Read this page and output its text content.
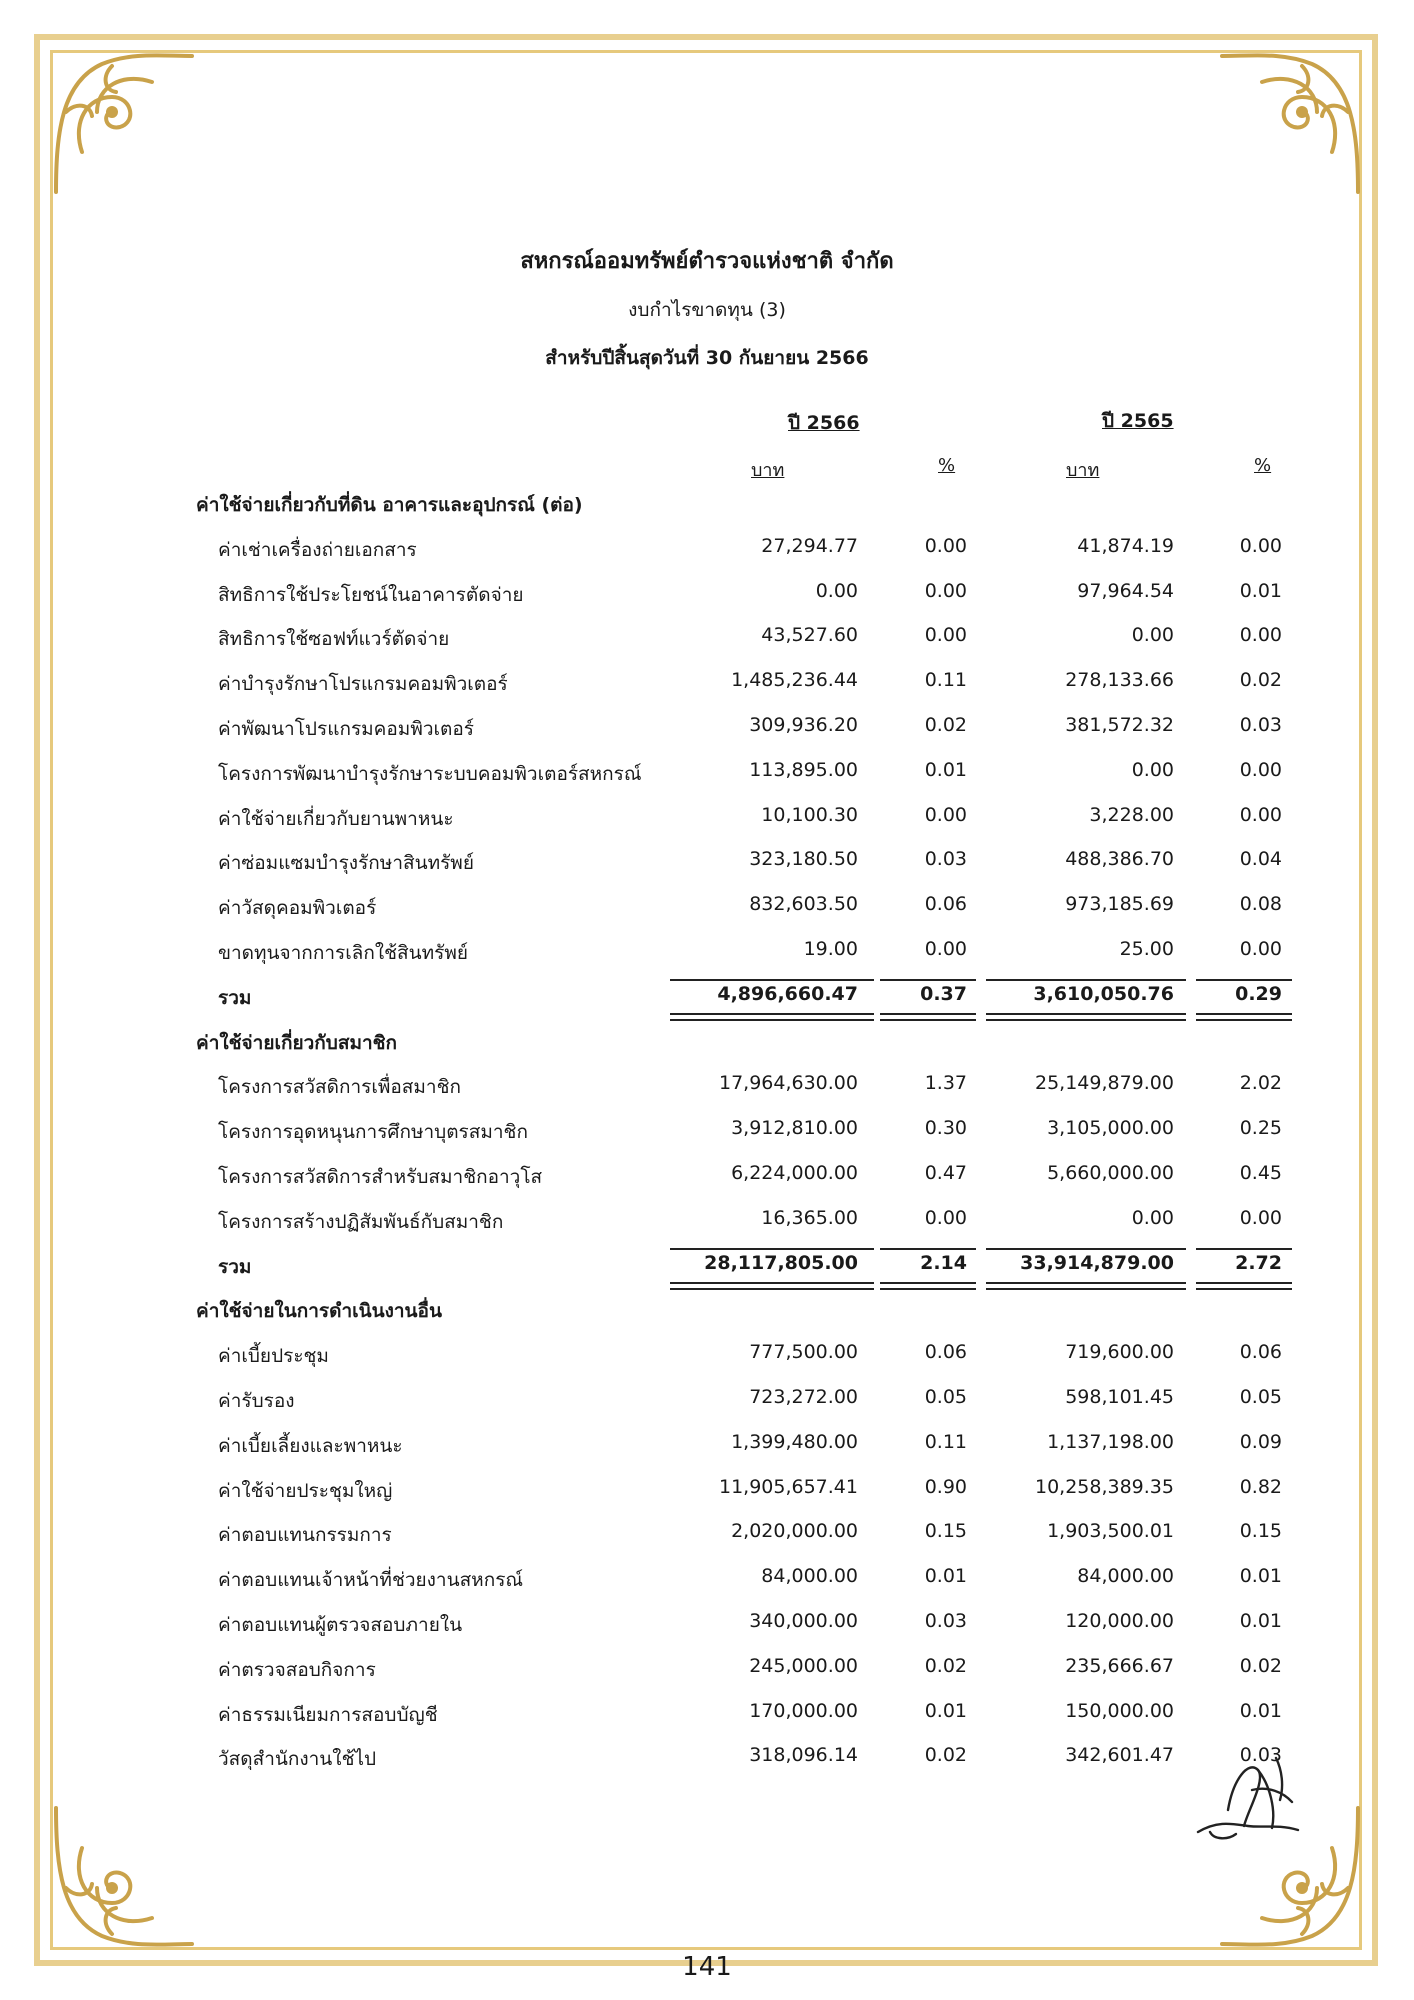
สหกรณ์ออมทรัพย์ตำรวจแห่งชาติ จำกัด
งบกำไรขาดทุน (3)
สำหรับปีสิ้นสุดวันที่ 30 กันยายน 2566
ปี 2566	ปี 2565
บาท	%	บาท	%
ค่าใช้จ่ายเกี่ยวกับที่ดิน อาคารและอุปกรณ์ (ต่อ)
ค่าเช่าเครื่องถ่ายเอกสาร	27,294.77	0.00	41,874.19	0.00
สิทธิการใช้ประโยชน์ในอาคารตัดจ่าย	0.00	0.00	97,964.54	0.01
สิทธิการใช้ซอฟท์แวร์ตัดจ่าย	43,527.60	0.00	0.00	0.00
ค่าบำรุงรักษาโปรแกรมคอมพิวเตอร์	1,485,236.44	0.11	278,133.66	0.02
ค่าพัฒนาโปรแกรมคอมพิวเตอร์	309,936.20	0.02	381,572.32	0.03
โครงการพัฒนาบำรุงรักษาระบบคอมพิวเตอร์สหกรณ์	113,895.00	0.01	0.00	0.00
ค่าใช้จ่ายเกี่ยวกับยานพาหนะ	10,100.30	0.00	3,228.00	0.00
ค่าซ่อมแซมบำรุงรักษาสินทรัพย์	323,180.50	0.03	488,386.70	0.04
ค่าวัสดุคอมพิวเตอร์	832,603.50	0.06	973,185.69	0.08
ขาดทุนจากการเลิกใช้สินทรัพย์	19.00	0.00	25.00	0.00
รวม	4,896,660.47	0.37	3,610,050.76	0.29
ค่าใช้จ่ายเกี่ยวกับสมาชิก
โครงการสวัสดิการเพื่อสมาชิก	17,964,630.00	1.37	25,149,879.00	2.02
โครงการอุดหนุนการศึกษาบุตรสมาชิก	3,912,810.00	0.30	3,105,000.00	0.25
โครงการสวัสดิการสำหรับสมาชิกอาวุโส	6,224,000.00	0.47	5,660,000.00	0.45
โครงการสร้างปฏิสัมพันธ์กับสมาชิก	16,365.00	0.00	0.00	0.00
รวม	28,117,805.00	2.14	33,914,879.00	2.72
ค่าใช้จ่ายในการดำเนินงานอื่น
ค่าเบี้ยประชุม	777,500.00	0.06	719,600.00	0.06
ค่ารับรอง	723,272.00	0.05	598,101.45	0.05
ค่าเบี้ยเลี้ยงและพาหนะ	1,399,480.00	0.11	1,137,198.00	0.09
ค่าใช้จ่ายประชุมใหญ่	11,905,657.41	0.90	10,258,389.35	0.82
ค่าตอบแทนกรรมการ	2,020,000.00	0.15	1,903,500.01	0.15
ค่าตอบแทนเจ้าหน้าที่ช่วยงานสหกรณ์	84,000.00	0.01	84,000.00	0.01
ค่าตอบแทนผู้ตรวจสอบภายใน	340,000.00	0.03	120,000.00	0.01
ค่าตรวจสอบกิจการ	245,000.00	0.02	235,666.67	0.02
ค่าธรรมเนียมการสอบบัญชี	170,000.00	0.01	150,000.00	0.01
วัสดุสำนักงานใช้ไป	318,096.14	0.02	342,601.47	0.03
141
